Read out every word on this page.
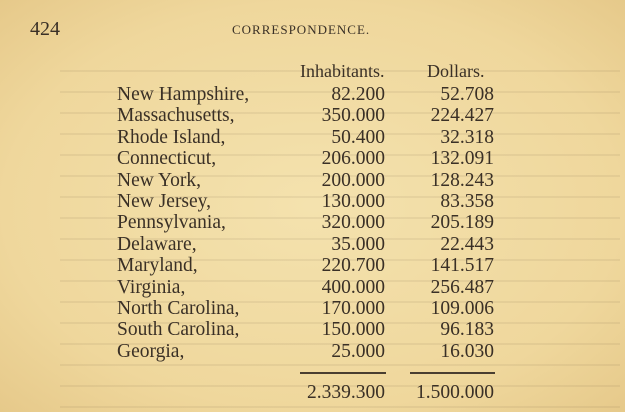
424	CORRESPONDENCE.
Inhabitants. Dollars.
New Hampshire,	82.200	52.708
Massachusetts,	350.000 224.427
Rhode Island,	50.400	32.318
Connecticut,	206.000 132.091
New York,	200.000 128.243
New Jersey,	130.000	83.358
Pennsylvania,	320.000 205.189
Delaware,	35.000	22.443
Maryland,	220.700 141.517
Virginia,	400.000 256.487
North Carolina,	170.000 109.006
South Carolina,	150.000	96.183
Georgia,	25.000	16.030
2.339.300 1.500.000
